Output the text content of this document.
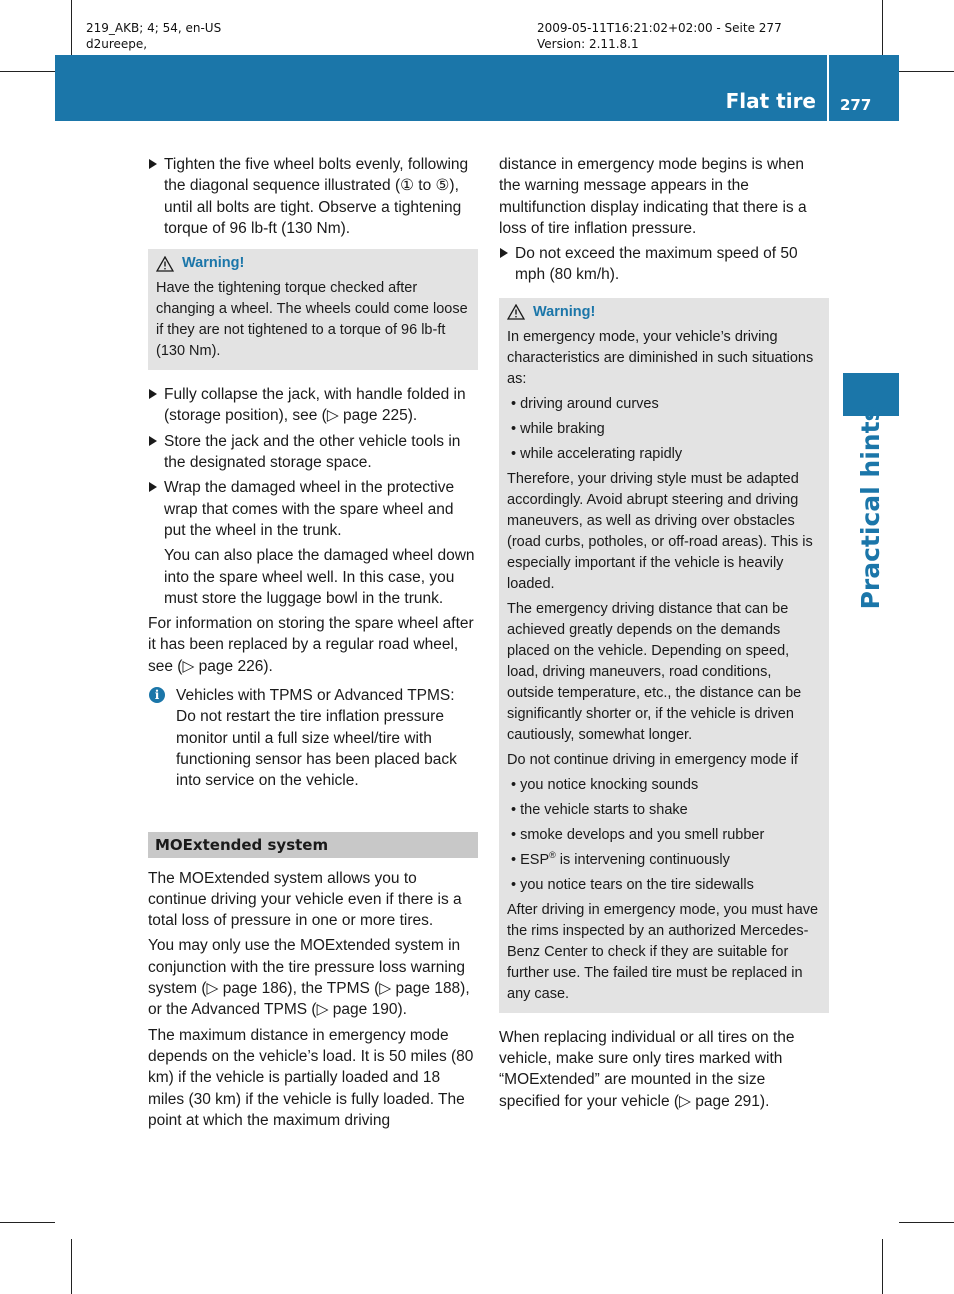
219_AKB; 4; 54, en-US
d2ureepe,
2009-05-11T16:21:02+02:00 - Seite 277
Version: 2.11.8.1
Flat tire 277
Practical hints
Tighten the five wheel bolts evenly, following the diagonal sequence illustrated (① to ⑤), until all bolts are tight. Observe a tightening torque of 96 lb-ft (130 Nm).
Warning!

Have the tightening torque checked after changing a wheel. The wheels could come loose if they are not tightened to a torque of 96 lb-ft (130 Nm).

Fully collapse the jack, with handle folded in (storage position), see (▷ page 225).
Store the jack and the other vehicle tools in the designated storage space.
Wrap the damaged wheel in the protective wrap that comes with the spare wheel and put the wheel in the trunk.

You can also place the damaged wheel down into the spare wheel well. In this case, you must store the luggage bowl in the trunk.

For information on storing the spare wheel after it has been replaced by a regular road wheel, see (▷ page 226).

i	Vehicles with TPMS or Advanced TPMS: Do not restart the tire inflation pressure monitor until a full size wheel/tire with functioning sensor has been placed back into service on the vehicle.
MOExtended system

The MOExtended system allows you to continue driving your vehicle even if there is a total loss of pressure in one or more tires.

You may only use the MOExtended system in conjunction with the tire pressure loss warning system (▷ page 186), the TPMS (▷ page 188), or the Advanced TPMS (▷ page 190).

The maximum distance in emergency mode depends on the vehicle’s load. It is 50 miles (80 km) if the vehicle is partially loaded and 18 miles (30 km) if the vehicle is fully loaded. The point at which the maximum driving

distance in emergency mode begins is when the warning message appears in the multifunction display indicating that there is a loss of tire inflation pressure.

Do not exceed the maximum speed of 50 mph (80 km/h).
Warning!

In emergency mode, your vehicle’s driving characteristics are diminished in such situations as:

• driving around curves

• while braking

• while accelerating rapidly

Therefore, your driving style must be adapted accordingly. Avoid abrupt steering and driving maneuvers, as well as driving over obstacles (road curbs, potholes, or off-road areas). This is especially important if the vehicle is heavily loaded.

The emergency driving distance that can be achieved greatly depends on the demands placed on the vehicle. Depending on speed, load, driving maneuvers, road conditions, outside temperature, etc., the distance can be significantly shorter or, if the vehicle is driven cautiously, somewhat longer.

Do not continue driving in emergency mode if

• you notice knocking sounds

• the vehicle starts to shake

• smoke develops and you smell rubber

• ESP® is intervening continuously

• you notice tears on the tire sidewalls

After driving in emergency mode, you must have the rims inspected by an authorized Mercedes-Benz Center to check if they are suitable for further use. The failed tire must be replaced in any case.

When replacing individual or all tires on the vehicle, make sure only tires marked with “MOExtended” are mounted in the size specified for your vehicle (▷ page 291).
